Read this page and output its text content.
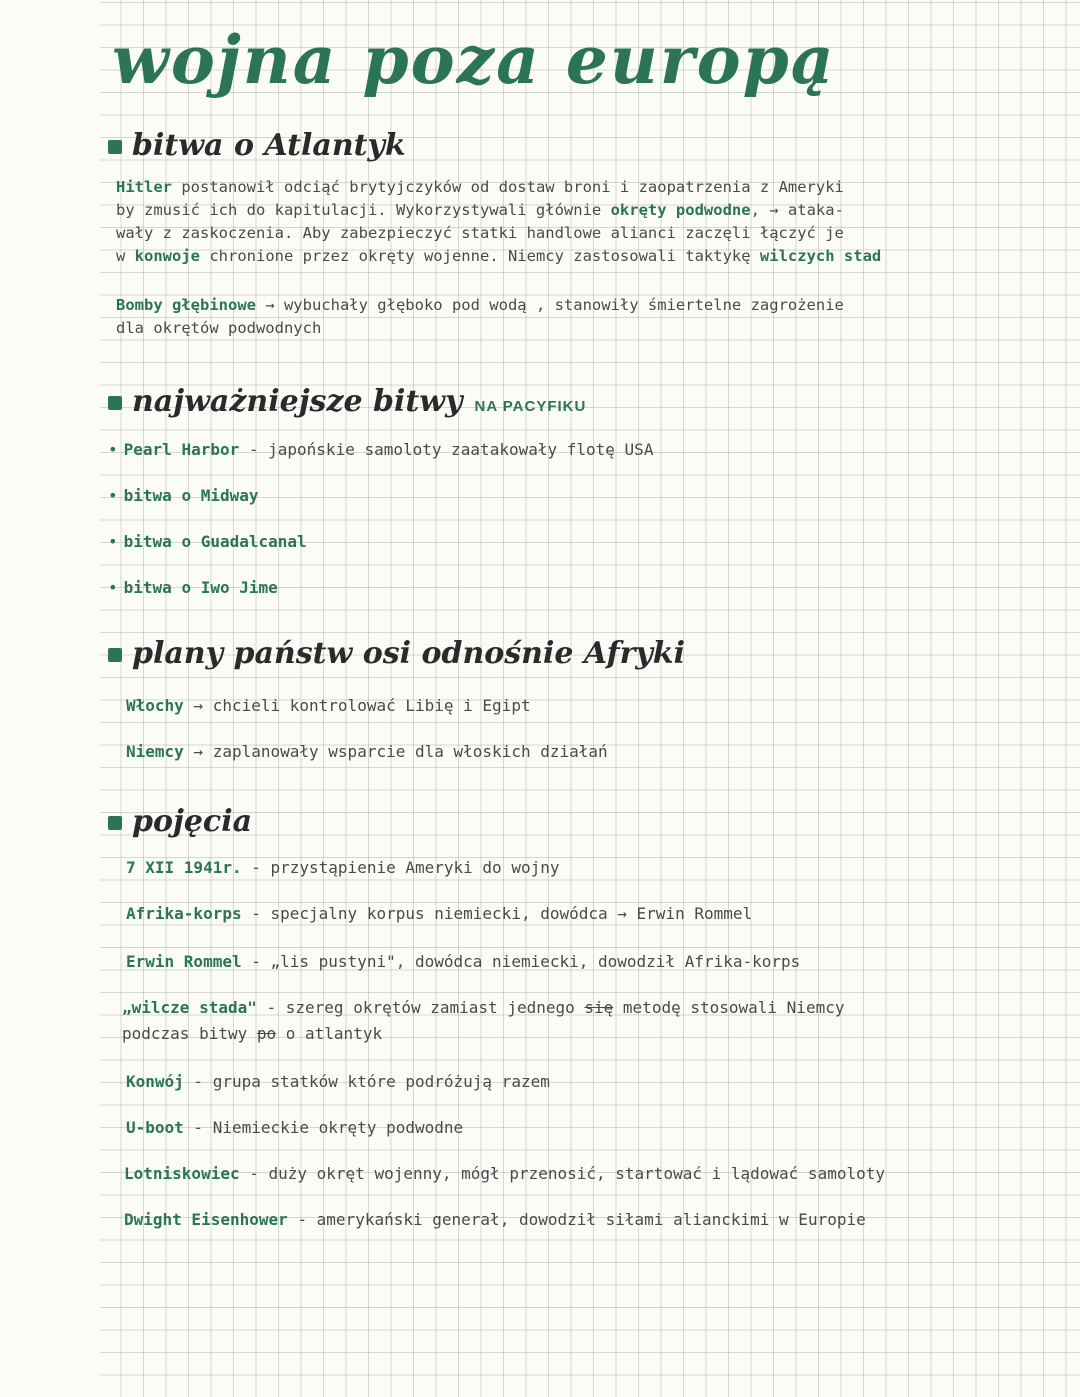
wojna poza europą
bitwa o Atlantyk
Hitler postanowił odciąć brytyjczyków od dostaw broni i zaopatrzenia z Ameryki
by zmusić ich do kapitulacji. Wykorzystywali głównie okręty podwodne, → ataka-
wały z zaskoczenia. Aby zabezpieczyć statki handlowe alianci zaczęli łączyć je
w konwoje chronione przez okręty wojenne. Niemcy zastosowali taktykę wilczych stad
Bomby głębinowe → wybuchały głęboko pod wodą , stanowiły śmiertelne zagrożenie
dla okrętów podwodnych
najważniejsze bitwy NA PACYFIKU
• Pearl Harbor - japońskie samoloty zaatakowały flotę USA
• bitwa o Midway
• bitwa o Guadalcanal
• bitwa o Iwo Jime
plany państw osi odnośnie Afryki
Włochy → chcieli kontrolować Libię i Egipt
Niemcy → zaplanowały wsparcie dla włoskich działań
pojęcia
7 XII 1941r. - przystąpienie Ameryki do wojny
Afrika-korps - specjalny korpus niemiecki, dowódca → Erwin Rommel
Erwin Rommel - „lis pustyni", dowódca niemiecki, dowodził Afrika-korps
„wilcze stada" - szereg okrętów zamiast jednego się metodę stosowali Niemcy
podczas bitwy po o atlantyk
Konwój - grupa statków które podróżują razem
U-boot - Niemieckie okręty podwodne
Lotniskowiec - duży okręt wojenny, mógł przenosić, startować i lądować samoloty
Dwight Eisenhower - amerykański generał, dowodził siłami alianckimi w Europie
